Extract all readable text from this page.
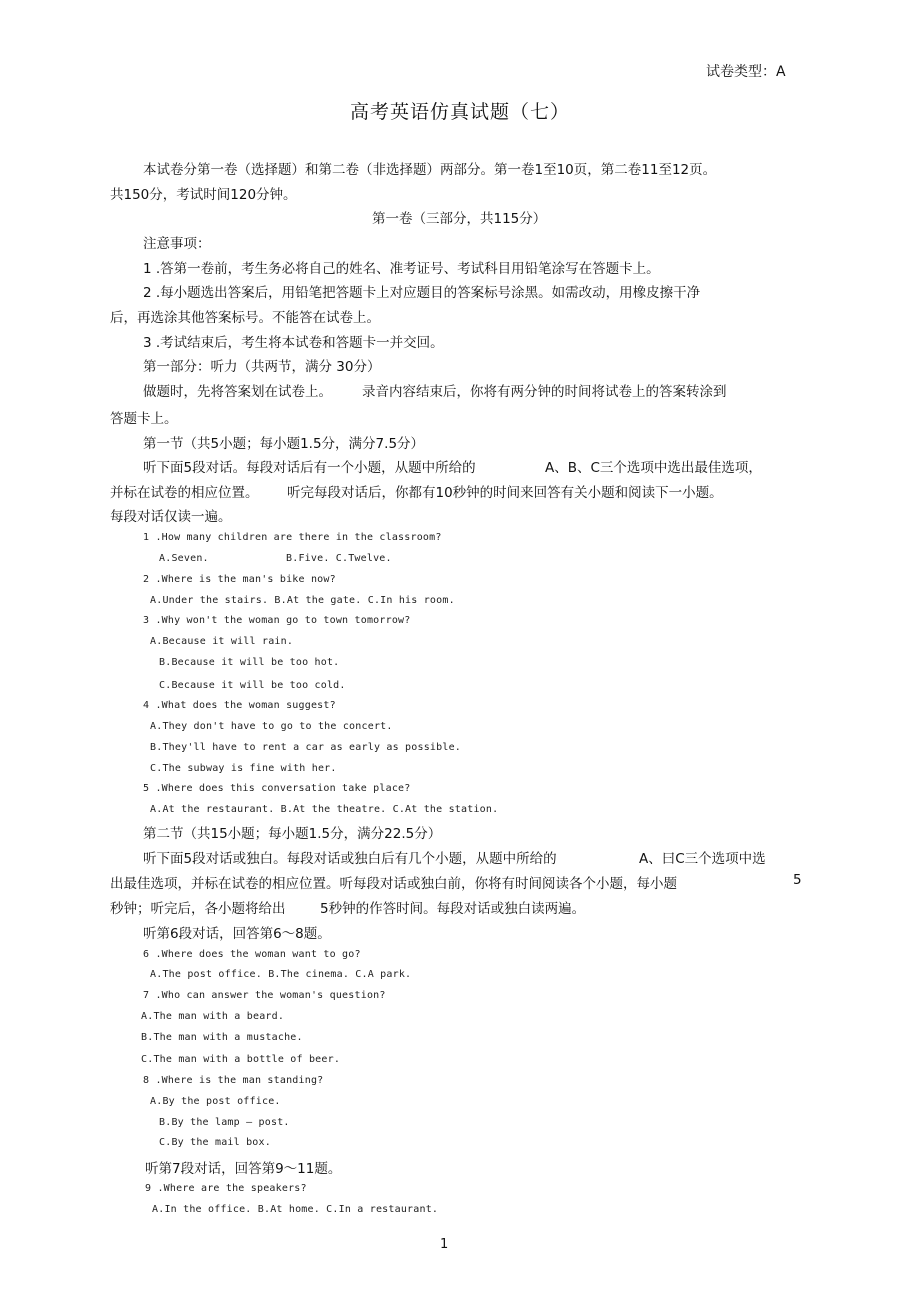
试卷类型：A
高考英语仿真试题（七）
本试卷分第一卷（选择题）和第二卷（非选择题）两部分。第一卷1至10页，第二卷11至12页。
共150分，考试时间120分钟。
第一卷（三部分，共115分）
注意事项：
1 .答第一卷前，考生务必将自己的姓名、准考证号、考试科目用铅笔涂写在答题卡上。
2 .每小题选出答案后，用铅笔把答题卡上对应题目的答案标号涂黑。如需改动，用橡皮擦干净
后，再选涂其他答案标号。不能答在试卷上。
3 .考试结束后，考生将本试卷和答题卡一并交回。
第一部分：听力（共两节，满分 30分）
做题时，先将答案划在试卷上。 录音内容结束后，你将有两分钟的时间将试卷上的答案转涂到
答题卡上。
第一节（共5小题；每小题1.5分，满分7.5分）
听下面5段对话。每段对话后有一个小题，从题中所给的	A、B、C三个选项中选出最佳选项，
并标在试卷的相应位置。 听完每段对话后，你都有10秒钟的时间来回答有关小题和阅读下一小题。
每段对话仅读一遍。
1 .How many children are there in the classroom?
A.Seven.	B.Five. C.Twelve.
2 .Where is the man's bike now?
A.Under the stairs. B.At the gate. C.In his room.
3 .Why won't the woman go to town tomorrow?
A.Because it will rain.
B.Because it will be too hot.
C.Because it will be too cold.
4 .What does the woman suggest?
A.They don't have to go to the concert.
B.They'll have to rent a car as early as possible.
C.The subway is fine with her.
5 .Where does this conversation take place?
A.At the restaurant. B.At the theatre. C.At the station.
第二节（共15小题；每小题1.5分，满分22.5分）
听下面5段对话或独白。每段对话或独白后有几个小题，从题中所给的	A、曰C三个选项中选
出最佳选项，并标在试卷的相应位置。听每段对话或独白前，你将有时间阅读各个小题，每小题	5
秒钟；听完后，各小题将给出	5秒钟的作答时间。每段对话或独白读两遍。
听第6段对话，回答第6～8题。
6 .Where does the woman want to go?
A.The post office. B.The cinema. C.A park.
7 .Who can answer the woman's question?
A.The man with a beard.
B.The man with a mustache.
C.The man with a bottle of beer.
8 .Where is the man standing?
A.By the post office.
B.By the lamp — post.
C.By the mail box.
听第7段对话，回答第9～11题。
9 .Where are the speakers?
A.In the office. B.At home. C.In a restaurant.
1
